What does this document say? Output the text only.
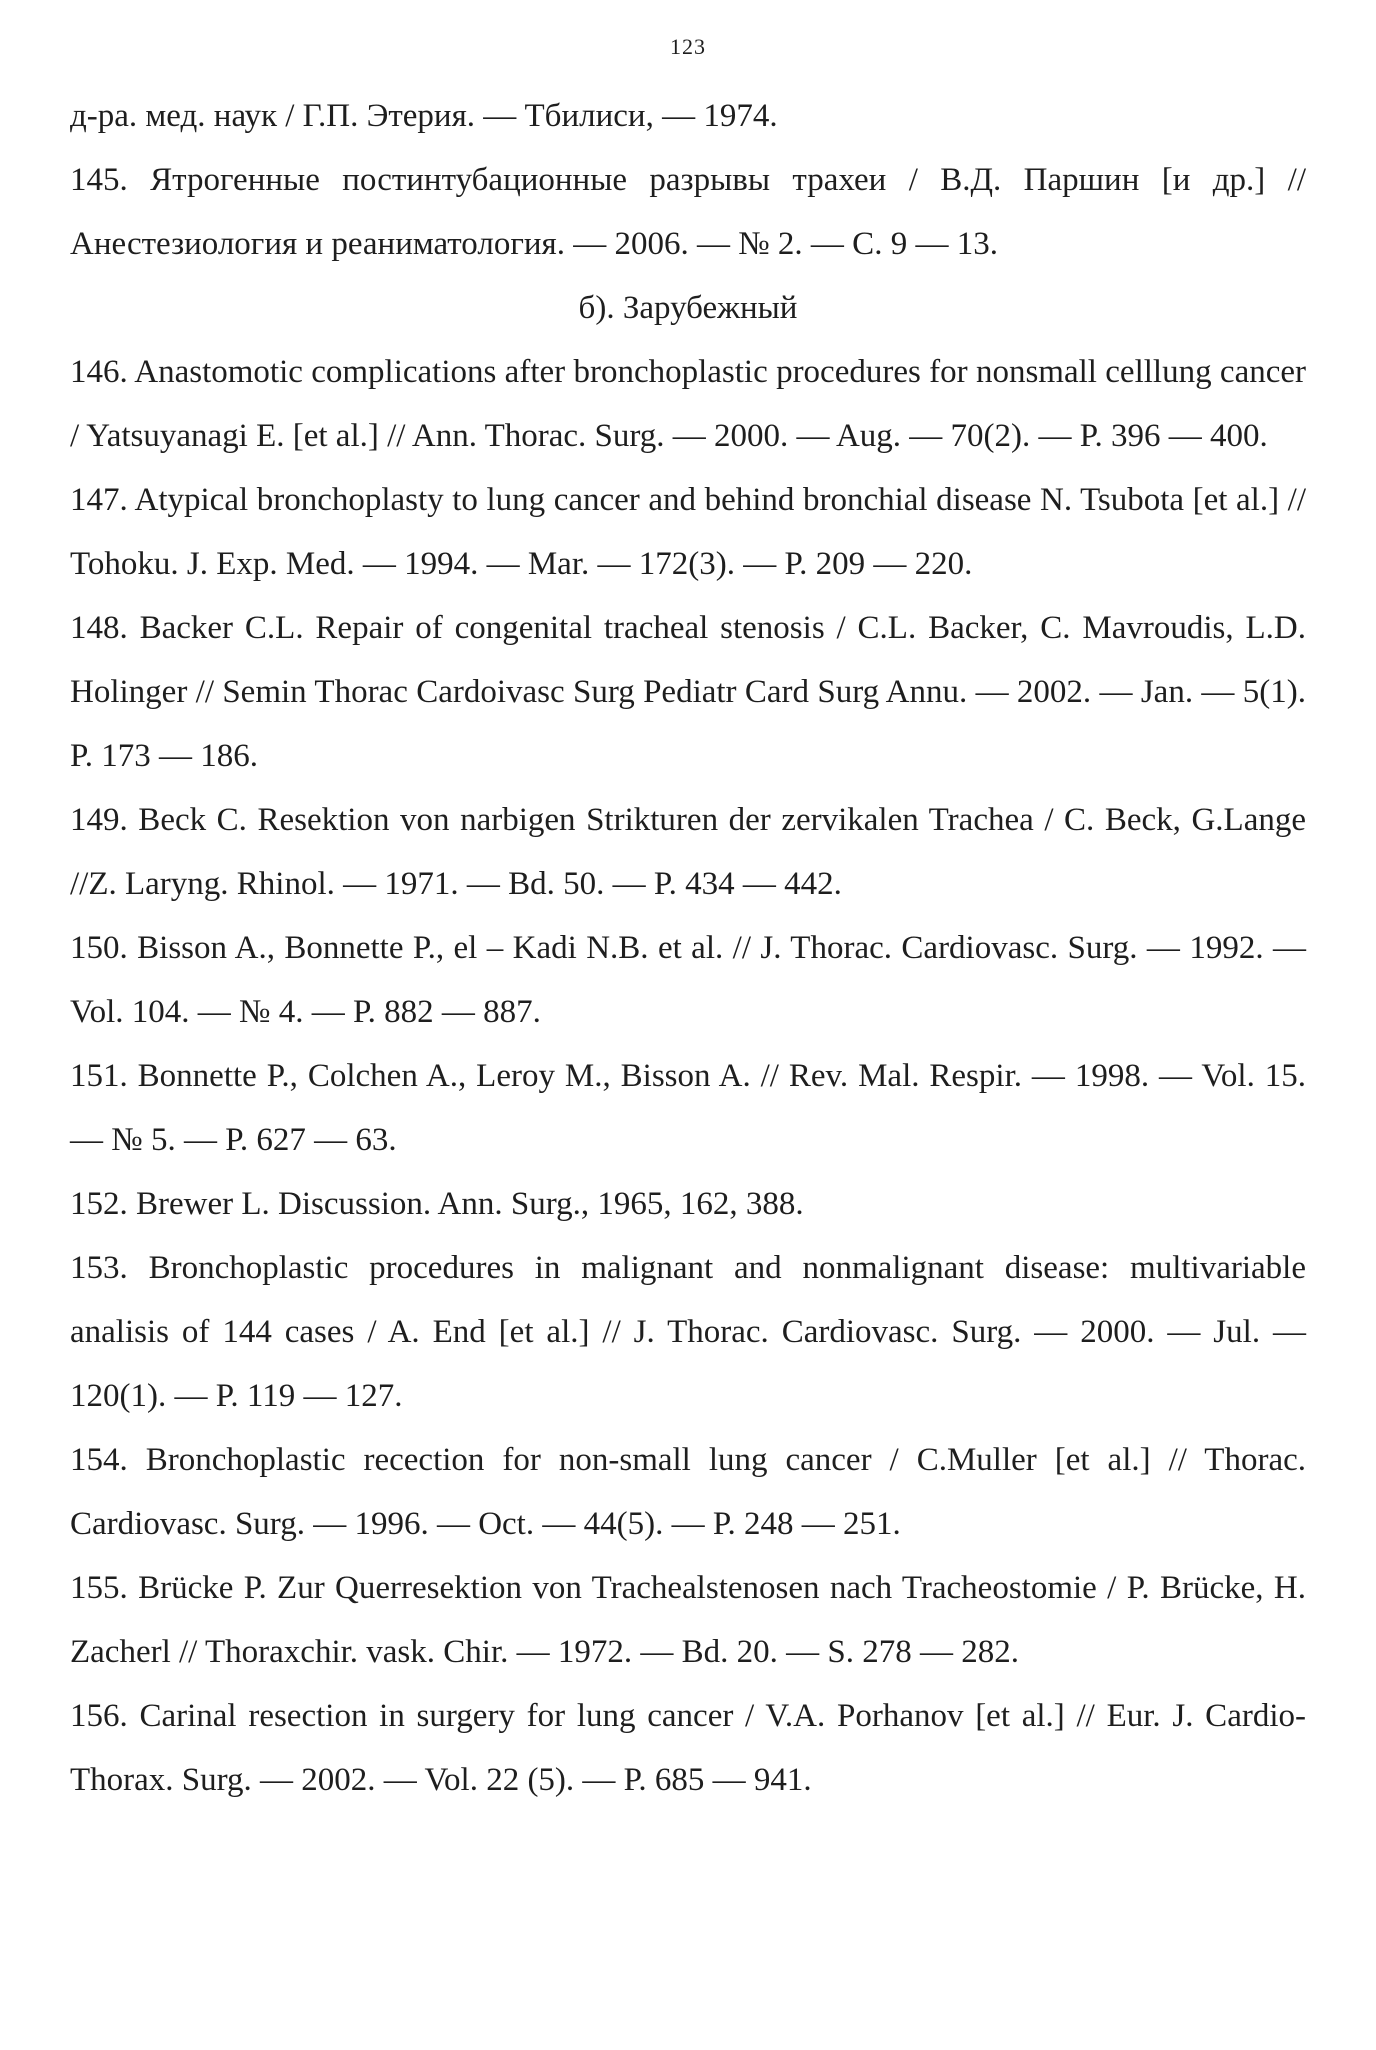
123

д-ра. мед. наук / Г.П. Этерия. — Тбилиси, — 1974.

145. Ятрогенные постинтубационные разрывы трахеи / В.Д. Паршин [и др.] // Анестезиология и реаниматология. — 2006. — № 2. — С. 9 — 13.

б). Зарубежный

146. Anastomotic complications after bronchoplastic procedures for nonsmall celllung cancer / Yatsuyanagi E. [et al.] // Ann. Thorac. Surg. — 2000. — Aug. — 70(2). — P. 396 — 400.

147. Atypical bronchoplasty to lung cancer and behind bronchial disease N. Tsubota [et al.] // Tohoku. J. Exp. Med. — 1994. — Mar. — 172(3). — P. 209 — 220.

148. Backer C.L. Repair of congenital tracheal stenosis / C.L. Backer, C. Mavroudis, L.D. Holinger // Semin Thorac Cardoivasc Surg Pediatr Card Surg Annu. — 2002. — Jan. — 5(1). P. 173 — 186.

149. Beck C. Resektion von narbigen Strikturen der zervikalen Trachea / C. Beck, G.Lange //Z. Laryng. Rhinol. — 1971. — Bd. 50. — P. 434 — 442.

150. Bisson A., Bonnette P., el – Kadi N.B. et al. // J. Thorac. Cardiovasc. Surg. — 1992. — Vol. 104. — № 4. — P. 882 — 887.

151. Bonnette P., Colchen A., Leroy M., Bisson A. // Rev. Mal. Respir. — 1998. — Vol. 15. — № 5. — P. 627 — 63.

152. Brewer L. Discussion. Ann. Surg., 1965, 162, 388.

153. Bronchoplastic procedures in malignant and nonmalignant disease: multivariable analisis of 144 cases / A. End [et al.] // J. Thorac. Cardiovasc. Surg. — 2000. — Jul. — 120(1). — P. 119 — 127.

154. Bronchoplastic recection for non-small lung cancer / C.Muller [et al.] // Thorac. Cardiovasc. Surg. — 1996. — Oct. — 44(5). — P. 248 — 251.

155. Brücke P. Zur Querresektion von Trachealstenosen nach Tracheostomie / P. Brücke, H. Zacherl // Thoraxchir. vask. Chir. — 1972. — Bd. 20. — S. 278 — 282.

156. Carinal resection in surgery for lung cancer / V.A. Porhanov [et al.] // Eur. J. Cardio-Thorax. Surg. — 2002. — Vol. 22 (5). — P. 685 — 941.
